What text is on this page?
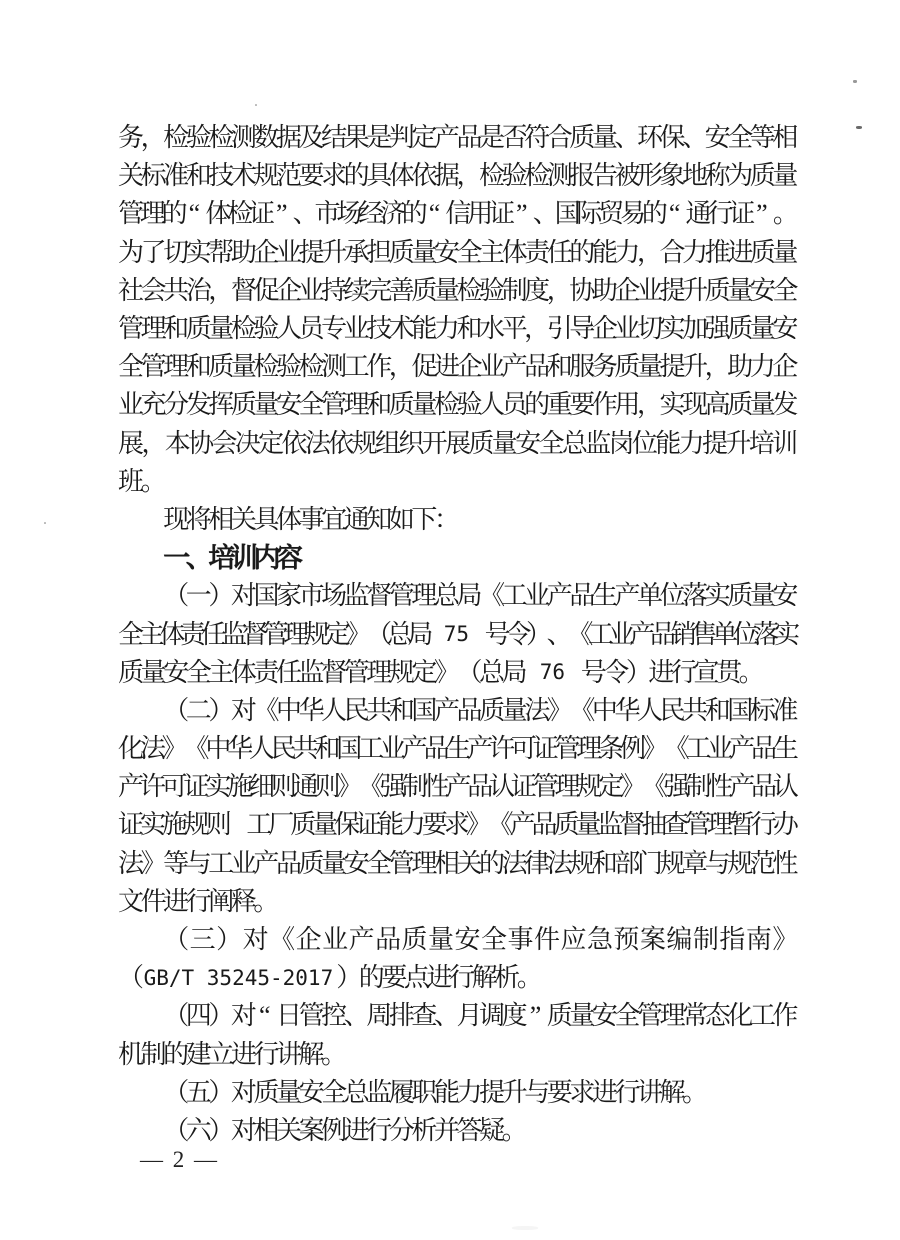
务
，
检
验
检
测
数
据
及
结
果
是
判
定
产
品
是
否
符
合
质
量
、
环
保
、
安
全
等
相
关
标
准
和
技
术
规
范
要
求
的
具
体
依
据
，
检
验
检
测
报
告
被
形
象
地
称
为
质
量
管
理
的 “ 体
检
证 ” 、
市
场
经
济
的 “ 信
用
证 ” 、
国
际
贸
易
的 “ 通
行
证 ” 。
为
了
切
实
帮
助
企
业
提
升
承
担
质
量
安
全
主
体
责
任
的
能
力
，
合
力
推
进
质
量
社
会
共
治
，
督
促
企
业
持
续
完
善
质
量
检
验
制
度
，
协
助
企
业
提
升
质
量
安
全
管
理
和
质
量
检
验
人
员
专
业
技
术
能
力
和
水
平
，
引
导
企
业
切
实
加
强
质
量
安
全
管
理
和
质
量
检
验
检
测
工
作
，
促
进
企
业
产
品
和
服
务
质
量
提
升
，
助
力
企
业
充
分
发
挥
质
量
安
全
管
理
和
质
量
检
验
人
员
的
重
要
作
用
，
实
现
高
质
量
发
展
，
本
协
会
决
定
依
法
依
规
组
织
开
展
质
量
安
全
总
监
岗
位
能
力
提
升
培
训
班
。
现
将
相
关
具
体
事
宜
通
知
如
下
：
一
、
培
训
内
容
（
一
）
对
国
家
市
场
监
督
管
理
总
局
《
工
业
产
品
生
产
单
位
落
实
质
量
安
全
主
体
责
任
监
督
管
理
规
定
》
（
总
局
75 号
令
）
、
《
工
业
产
品
销
售
单
位
落
实
质
量
安
全
主
体
责
任
监
督
管
理
规
定
》
（
总
局 76 号
令
）
进
行
宣
贯
。
（
二
）
对
《
中
华
人
民
共
和
国
产
品
质
量
法
》
《
中
华
人
民
共
和
国
标
准
化
法
》
《
中
华
人
民
共
和
国
工
业
产
品
生
产
许
可
证
管
理
条
例
》
《
工
业
产
品
生
产
许
可
证
实
施
细
则
通
则
》
《
强
制
性
产
品
认
证
管
理
规
定
》
《
强
制
性
产
品
认
证
实
施
规
则
工
厂
质
量
保
证
能
力
要
求
》
《
产
品
质
量
监
督
抽
查
管
理
暂
行
办
法
》
等
与
工
业
产
品
质
量
安
全
管
理
相
关
的
法
律
法
规
和
部
门
规
章
与
规
范
性
文
件
进
行
阐
释
。
（ 三 ） 对 《 企 业 产 品 质 量 安 全 事 件 应 急 预 案 编 制 指 南 》
（ GB/T 35245-2017 ）
的
要
点
进
行
解
析
。
（
四
）
对 “ 日
管
控
、
周
排
查
、
月
调
度 ” 质
量
安
全
管
理
常
态
化
工
作
机
制
的
建
立
进
行
讲
解
。
（
五
）
对
质
量
安
全
总
监
履
职
能
力
提
升
与
要
求
进
行
讲
解
。
（
六
）
对
相
关
案
例
进
行
分
析
并
答
疑
。
— 2 —
